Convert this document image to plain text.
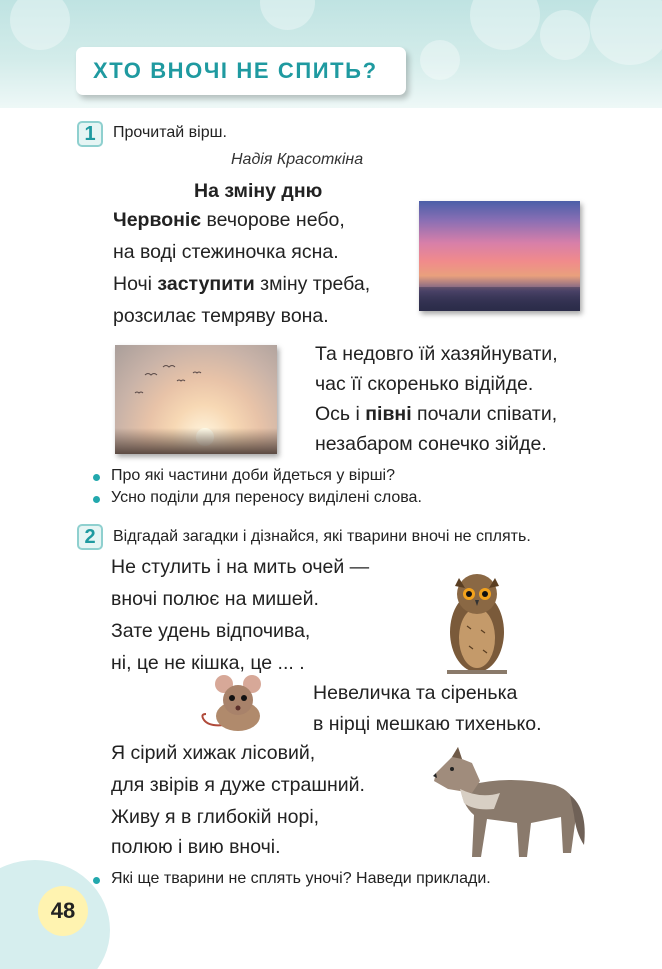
ХТО ВНОЧІ НЕ СПИТЬ?
1	Прочитай вірш.
Надія Красоткіна
На зміну дню
Червоніє вечорове небо,
на воді стежиночка ясна.
Ночі заступити зміну треба,
розсилає темряву вона.
Та недовго їй хазяйнувати,
час її скоренько відійде.
Ось і півні почали співати,
незабаром сонечко зійде.
Про які частини доби йдеться у вірші?
Усно поділи для переносу виділені слова.
2	Відгадай загадки і дізнайся, які тварини вночі не сплять.
Не стулить і на мить очей —
вночі полює на мишей.
Зате удень відпочива,
ні, це не кішка, це ... .
Невеличка та сіренька
в нірці мешкаю тихенько.
Я сірий хижак лісовий,
для звірів я дуже страшний.
Живу я в глибокій норі,
полюю і вию вночі.
Які ще тварини не сплять уночі? Наведи приклади.
48
